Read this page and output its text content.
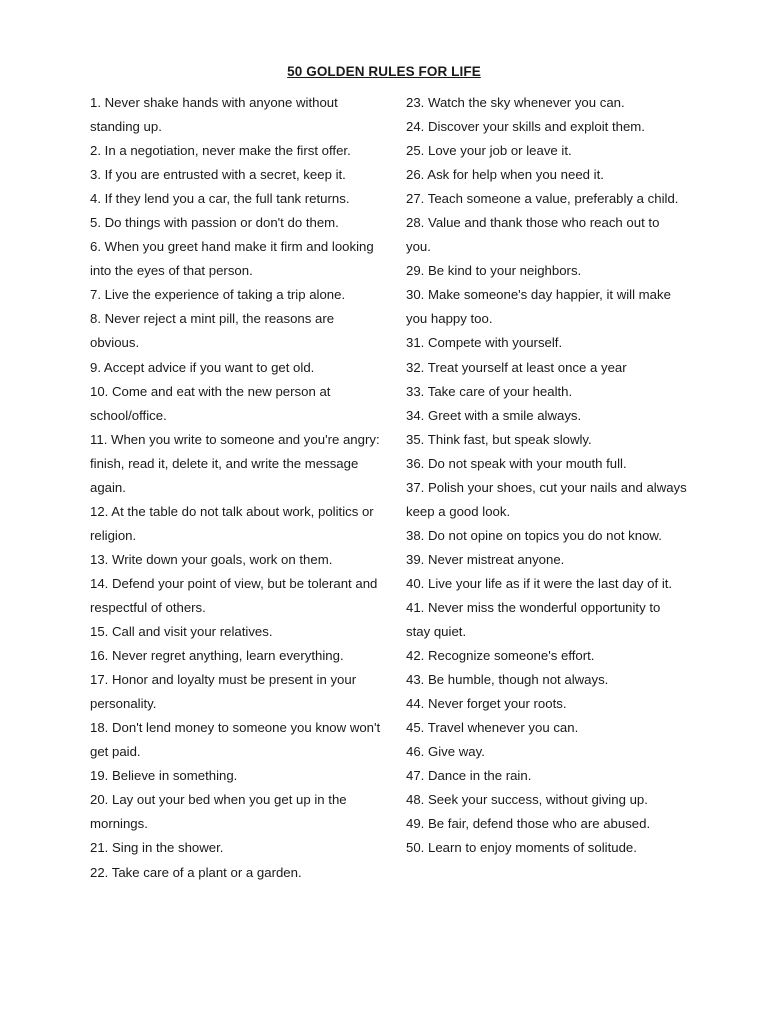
50 GOLDEN RULES FOR LIFE
1. Never shake hands with anyone without standing up.
2. In a negotiation, never make the first offer.
3. If you are entrusted with a secret, keep it.
4. If they lend you a car, the full tank returns.
5. Do things with passion or don't do them.
6. When you greet hand make it firm and looking into the eyes of that person.
7. Live the experience of taking a trip alone.
8. Never reject a mint pill, the reasons are obvious.
9. Accept advice if you want to get old.
10. Come and eat with the new person at school/office.
11. When you write to someone and you're angry: finish, read it, delete it, and write the message again.
12. At the table do not talk about work, politics or religion.
13. Write down your goals, work on them.
14. Defend your point of view, but be tolerant and respectful of others.
15. Call and visit your relatives.
16. Never regret anything, learn everything.
17. Honor and loyalty must be present in your personality.
18. Don't lend money to someone you know won't get paid.
19. Believe in something.
20. Lay out your bed when you get up in the mornings.
21. Sing in the shower.
22. Take care of a plant or a garden.
23. Watch the sky whenever you can.
24. Discover your skills and exploit them.
25. Love your job or leave it.
26. Ask for help when you need it.
27. Teach someone a value, preferably a child.
28. Value and thank those who reach out to you.
29. Be kind to your neighbors.
30. Make someone's day happier, it will make you happy too.
31. Compete with yourself.
32. Treat yourself at least once a year
33. Take care of your health.
34. Greet with a smile always.
35. Think fast, but speak slowly.
36. Do not speak with your mouth full.
37. Polish your shoes, cut your nails and always keep a good look.
38. Do not opine on topics you do not know.
39. Never mistreat anyone.
40. Live your life as if it were the last day of it.
41. Never miss the wonderful opportunity to stay quiet.
42. Recognize someone's effort.
43. Be humble, though not always.
44. Never forget your roots.
45. Travel whenever you can.
46. Give way.
47. Dance in the rain.
48. Seek your success, without giving up.
49. Be fair, defend those who are abused.
50. Learn to enjoy moments of solitude.
